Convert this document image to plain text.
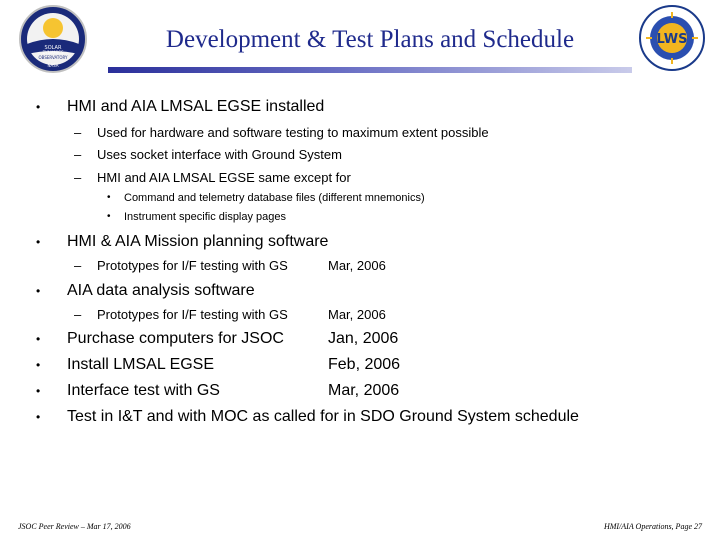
SOLAR
DYNAMICS
OBSERVATORY
NASA
LWS
Development & Test Plans and Schedule
• HMI and AIA LMSAL EGSE installed
– Used for hardware and software testing to maximum extent possible
– Uses socket interface with Ground System
– HMI and AIA LMSAL EGSE same except for
• Command and telemetry database files (different mnemonics)
• Instrument specific display pages
• HMI & AIA Mission planning software
– Prototypes for I/F testing with GS	Mar, 2006
• AIA data analysis software
– Prototypes for I/F testing with GS	Mar, 2006
• Purchase computers for JSOC	Jan, 2006
• Install LMSAL EGSE	Feb, 2006
• Interface test with GS	Mar, 2006
• Test in I&T and with MOC as called for in SDO Ground System schedule
JSOC Peer Review – Mar 17, 2006	HMI/AIA Operations, Page 27
